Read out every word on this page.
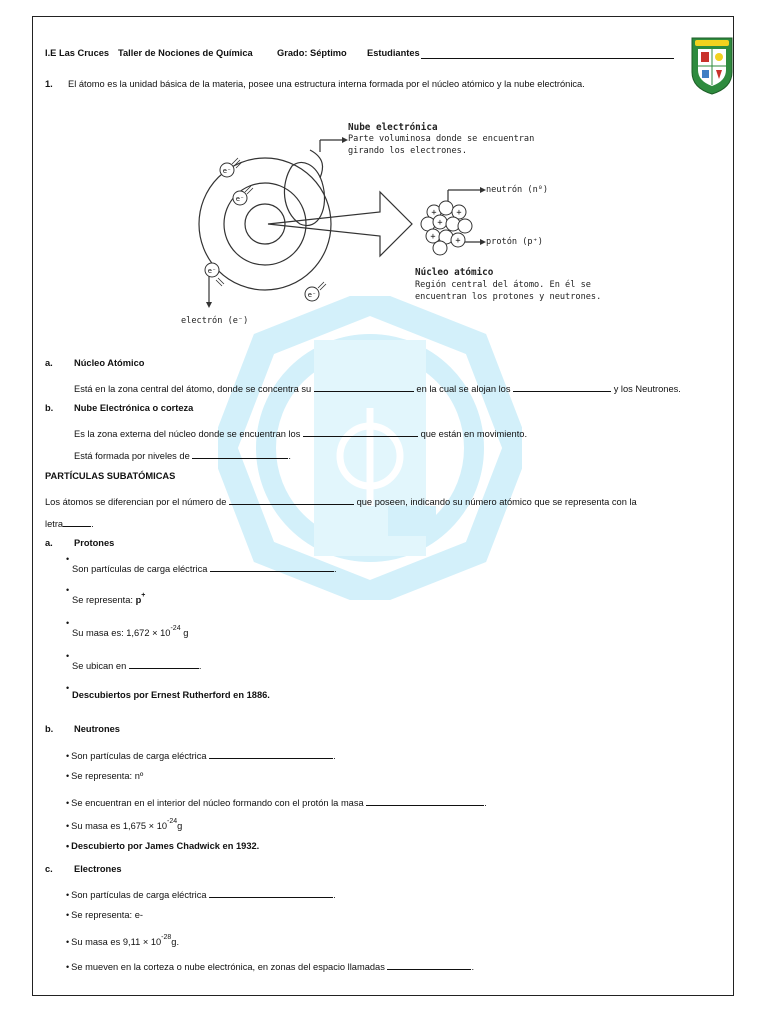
I.E Las Cruces Taller de Nociones de Química	Grado: Séptimo Estudiantes
1. El átomo es la unidad básica de la materia, posee una estructura interna formada por el núcleo atómico y la nube electrónica.
+ +
+
+ +
e⁻
e⁻
e⁻
e⁻
Nube electrónica
Parte voluminosa donde se encuentran
girando los electrones.
neutrón (n⁰)
protón (p⁺)
Núcleo atómico
Región central del átomo. En él se
encuentran los protones y neutrones.
electrón (e⁻)
a. Núcleo Atómico
Está en la zona central del átomo, donde se concentra su	en la cual se alojan los	y los Neutrones.
b. Nube Electrónica o corteza
Es la zona externa del núcleo donde se encuentran los	que están en movimiento.
Está formada por niveles de	.
PARTÍCULAS SUBATÓMICAS
Los átomos se diferencian por el número de	que poseen, indicando su número atómico que se representa con la
letra	.
a. Protones
•
Son partículas de carga eléctrica	.
•
Se representa: p+
•
Su masa es: $1,672 \times 10^{-24}$ g
•
Se ubican en	.
•
Descubiertos por Ernest Rutherford en 1886.
b. Neutrones
• Son partículas de carga eléctrica	.
• Se representa: nº
• Se encuentran en el interior del núcleo formando con el protón la masa	.
• Su masa es $1,675 \times 10^{-24}g$
• Descubierto por James Chadwick en 1932.
c. Electrones
• Son partículas de carga eléctrica	.
• Se representa: e-
• Su masa es $9,11 \times 10^{-28}g$.
• Se mueven en la corteza o nube electrónica, en zonas del espacio llamadas	.
